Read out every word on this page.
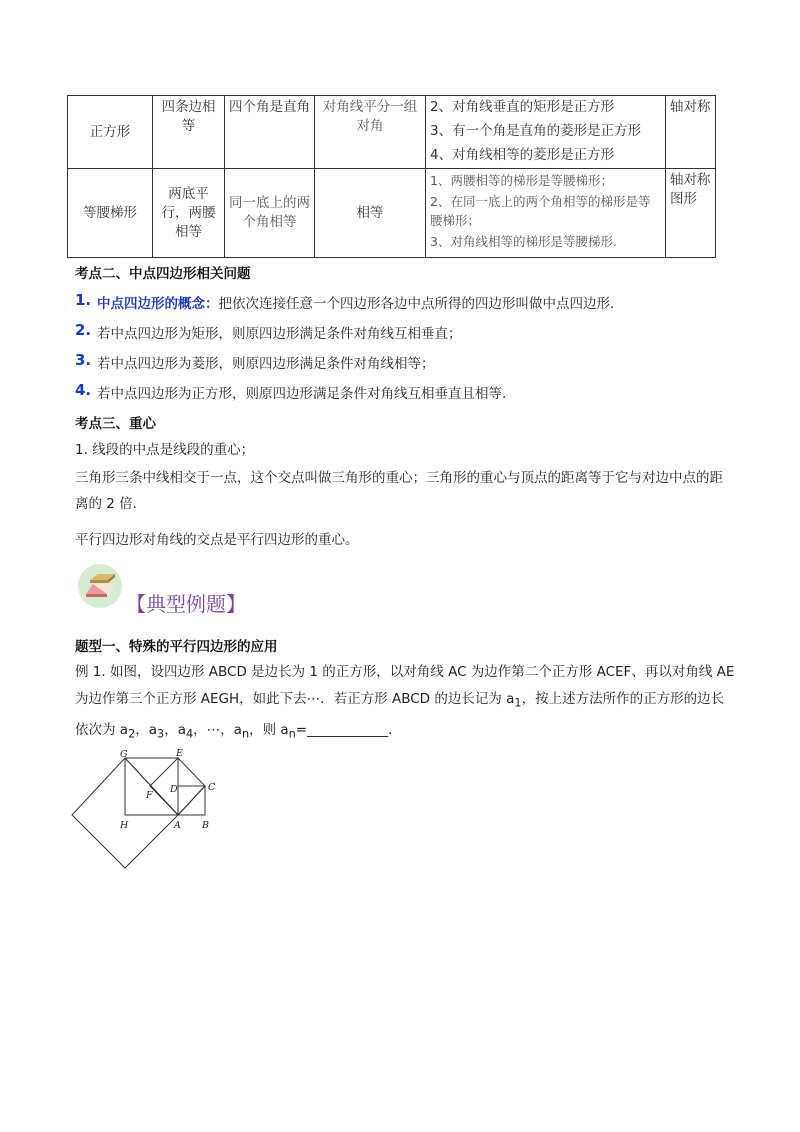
正方形	四条边相等	四个角是直角	对角线平分一组对角	2、对角线垂直的矩形是正方形

3、有一个角是直角的菱形是正方形

4、对角线相等的菱形是正方形	轴对称
等腰梯形	两底平行，两腰相等	同一底上的两个角相等	相等	1、两腰相等的梯形是等腰梯形；

2、在同一底上的两个角相等的梯形是等腰梯形；

3、对角线相等的梯形是等腰梯形.	轴对称图形
考点二、中点四边形相关问题
1. 中点四边形的概念：把依次连接任意一个四边形各边中点所得的四边形叫做中点四边形.
2. 若中点四边形为矩形，则原四边形满足条件对角线互相垂直；
3. 若中点四边形为菱形，则原四边形满足条件对角线相等；
4. 若中点四边形为正方形，则原四边形满足条件对角线互相垂直且相等.
考点三、重心
1. 线段的中点是线段的重心；
三角形三条中线相交于一点，这个交点叫做三角形的重心；三角形的重心与顶点的距离等于它与对边中点的距离的 2 倍.
平行四边形对角线的交点是平行四边形的重心。
【典型例题】
题型一、特殊的平行四边形的应用
例 1. 如图，设四边形 ABCD 是边长为 1 的正方形，以对角线 AC 为边作第二个正方形 ACEF、再以对角线 AE 为边作第三个正方形 AEGH，如此下去⋯．若正方形 ABCD 的边长记为 $a_1$，按上述方法所作的正方形的边长依次为 $a_2$，$a_3$，$a_4$，⋯，$a_n$，则 $a_n=\_\_\_\_\_\_\_\_\_\_\_\_$.
G	E
C
D
F
H	A B
